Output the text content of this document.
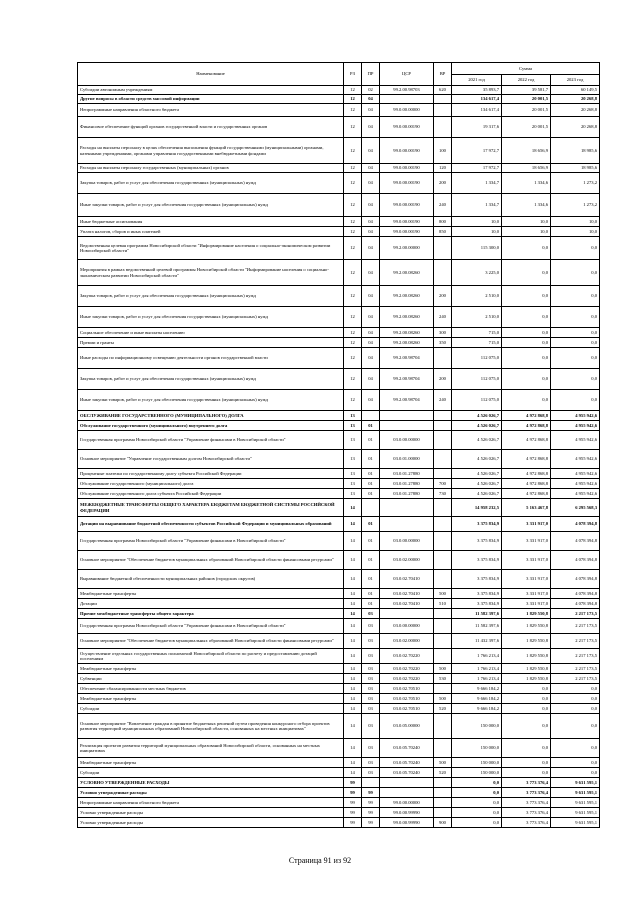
Наименование	РЗ	ПР	ЦСР	ВР	Сумма		
					2021 год	2022 год	2023 год
Субсидии автономным учреждениям	12	02	99.2.00.98703	620	35 893,7	39 581,7	60 149,5
Другие вопросы в области средств массовой информации	12	04			134 617,4	20 001,5	20 268,8
Непрограммные направления областного бюджета	12	04	99.0.00.00000		134 617,4	20 001,5	20 268,8
Финансовое обеспечение функций органов государственной власти и государственных органов	12	04	99.0.00.00190		19 317,6	20 001,5	20 268,8
Расходы на выплаты персоналу в целях обеспечения выполнения функций государственными (муниципальными) органами, казенными учреждениями, органами управления государственными внебюджетными фондами	12	04	99.0.00.00190	100	17 972,7	18 656,9	18 985,6
Расходы на выплаты персоналу государственных (муниципальных) органов	12	04	99.0.00.00190	120	17 972,7	18 656,9	18 985,6
Закупка товаров, работ и услуг для обеспечения государственных (муниципальных) нужд	12	04	99.0.00.00190	200	1 334,7	1 334,6	1 273,2
Иные закупки товаров, работ и услуг для обеспечения государственных (муниципальных) нужд	12	04	99.0.00.00190	240	1 334,7	1 334,6	1 273,2
Иные бюджетные ассигнования	12	04	99.0.00.00190	800	10,0	10,0	10,0
Уплата налогов, сборов и иных платежей	12	04	99.0.00.00190	850	10,0	10,0	10,0
Ведомственная целевая программа Новосибирской области "Информирование населения о социально-экономическом развитии Новосибирской области"	12	04	99.2.00.00000		115 300,0	0,0	0,0
Мероприятия в рамках ведомственной целевой программы Новосибирской области "Информирование населения о социально-экономическом развитии Новосибирской области"	12	04	99.2.00.08260		3 225,0	0,0	0,0
Закупка товаров, работ и услуг для обеспечения государственных (муниципальных) нужд	12	04	99.2.00.08260	200	2 510,0	0,0	0,0
Иные закупки товаров, работ и услуг для обеспечения государственных (муниципальных) нужд	12	04	99.2.00.08260	240	2 510,0	0,0	0,0
Социальное обеспечение и иные выплаты населению	12	04	99.2.00.08260	300	715,0	0,0	0,0
Премии и гранты	12	04	99.2.00.08260	350	715,0	0,0	0,0
Иные расходы по информационному освещению деятельности органов государственной власти	12	04	99.2.00.98704		112 075,0	0,0	0,0
Закупка товаров, работ и услуг для обеспечения государственных (муниципальных) нужд	12	04	99.2.00.98704	200	112 075,0	0,0	0,0
Иные закупки товаров, работ и услуг для обеспечения государственных (муниципальных) нужд	12	04	99.2.00.98704	240	112 075,0	0,0	0,0
ОБСЛУЖИВАНИЕ ГОСУДАРСТВЕННОГО (МУНИЦИПАЛЬНОГО) ДОЛГА	13				4 526 026,7	4 972 868,8	4 955 942,6
Обслуживание государственного (муниципального) внутреннего долга	13	01			4 526 026,7	4 972 868,8	4 955 942,6
Государственная программа Новосибирской области "Управление финансами в Новосибирской области"	13	01	03.0.00.00000		4 526 026,7	4 972 868,8	4 955 942,6
Основное мероприятие "Управление государственным долгом Новосибирской области"	13	01	03.0.01.00000		4 526 026,7	4 972 868,8	4 955 942,6
Процентные платежи по государственному долгу субъекта Российской Федерации	13	01	03.0.01.27880		4 526 026,7	4 972 868,8	4 955 942,6
Обслуживание государственного (муниципального) долга	13	01	03.0.01.27880	700	4 526 026,7	4 972 868,8	4 955 942,6
Обслуживание государственного долга субъекта Российской Федерации	13	01	03.0.01.27880	730	4 526 026,7	4 972 868,8	4 955 942,6
МЕЖБЮДЖЕТНЫЕ ТРАНСФЕРТЫ ОБЩЕГО ХАРАКТЕРА БЮДЖЕТАМ БЮДЖЕТНОЙ СИСТЕМЫ РОССИЙСКОЙ ФЕДЕРАЦИИ	14				14 958 232,5	5 163 467,8	6 295 568,3
Дотации на выравнивание бюджетной обеспеченности субъектов Российской Федерации и муниципальных образований	14	01			3 375 834,9	3 331 917,0	4 078 394,8
Государственная программа Новосибирской области "Управление финансами в Новосибирской области"	14	01	03.0.00.00000		3 375 834,9	3 331 917,0	4 078 394,8
Основное мероприятие "Обеспечение бюджетов муниципальных образований Новосибирской области финансовыми ресурсами"	14	01	03.0.02.00000		3 375 834,9	3 331 917,0	4 078 394,8
Выравнивание бюджетной обеспеченности муниципальных районов (городских округов)	14	01	03.0.02.70410		3 375 834,9	3 331 917,0	4 078 394,8
Межбюджетные трансферты	14	01	03.0.02.70410	500	3 375 834,9	3 331 917,0	4 078 394,8
Дотации	14	01	03.0.02.70410	510	3 375 834,9	3 331 917,0	4 078 394,8
Прочие межбюджетные трансферты общего характера	14	03			11 582 397,6	1 829 550,8	2 217 173,5
Государственная программа Новосибирской области "Управление финансами в Новосибирской области"	14	03	03.0.00.00000		11 582 397,6	1 829 550,8	2 217 173,5
Основное мероприятие "Обеспечение бюджетов муниципальных образований Новосибирской области финансовыми ресурсами"	14	03	03.0.02.00000		11 432 397,6	1 829 550,8	2 217 173,5
Осуществление отдельных государственных полномочий Новосибирской области по расчету и предоставлению дотаций поселениям	14	03	03.0.02.70220		1 766 213,4	1 829 550,8	2 217 173,5
Межбюджетные трансферты	14	03	03.0.02.70220	500	1 766 213,4	1 829 550,8	2 217 173,5
Субвенции	14	03	03.0.02.70220	530	1 766 213,4	1 829 550,8	2 217 173,5
Обеспечение сбалансированности местных бюджетов	14	03	03.0.02.70510		9 666 184,2	0,0	0,0
Межбюджетные трансферты	14	03	03.0.02.70510	500	9 666 184,2	0,0	0,0
Субсидии	14	03	03.0.02.70510	520	9 666 184,2	0,0	0,0
Основное мероприятие "Вовлечение граждан в принятие бюджетных решений путем проведения конкурсного отбора проектов развития территорий муниципальных образований Новосибирской области, основанных на местных инициативах"	14	03	03.0.05.00000		150 000,0	0,0	0,0
Реализация проектов развития территорий муниципальных образований Новосибирской области, основанных на местных инициативах	14	03	03.0.05.70240		150 000,0	0,0	0,0
Межбюджетные трансферты	14	03	03.0.05.70240	500	150 000,0	0,0	0,0
Субсидии	14	03	03.0.05.70240	520	150 000,0	0,0	0,0
УСЛОВНО УТВЕРЖДЕННЫЕ РАСХОДЫ	99				0,0	3 773 376,4	9 631 595,1
Условно утвержденные расходы	99	99			0,0	3 773 376,4	9 631 595,1
Непрограммные направления областного бюджета	99	99	99.0.00.00000		0,0	3 773 376,4	9 631 595,1
Условно утвержденные расходы	99	99	99.0.00.99990		0,0	3 773 376,4	9 631 595,1
Условно утвержденные расходы	99	99	99.0.00.99990	900	0,0	3 773 376,4	9 631 595,1
Страница 91 из 92
